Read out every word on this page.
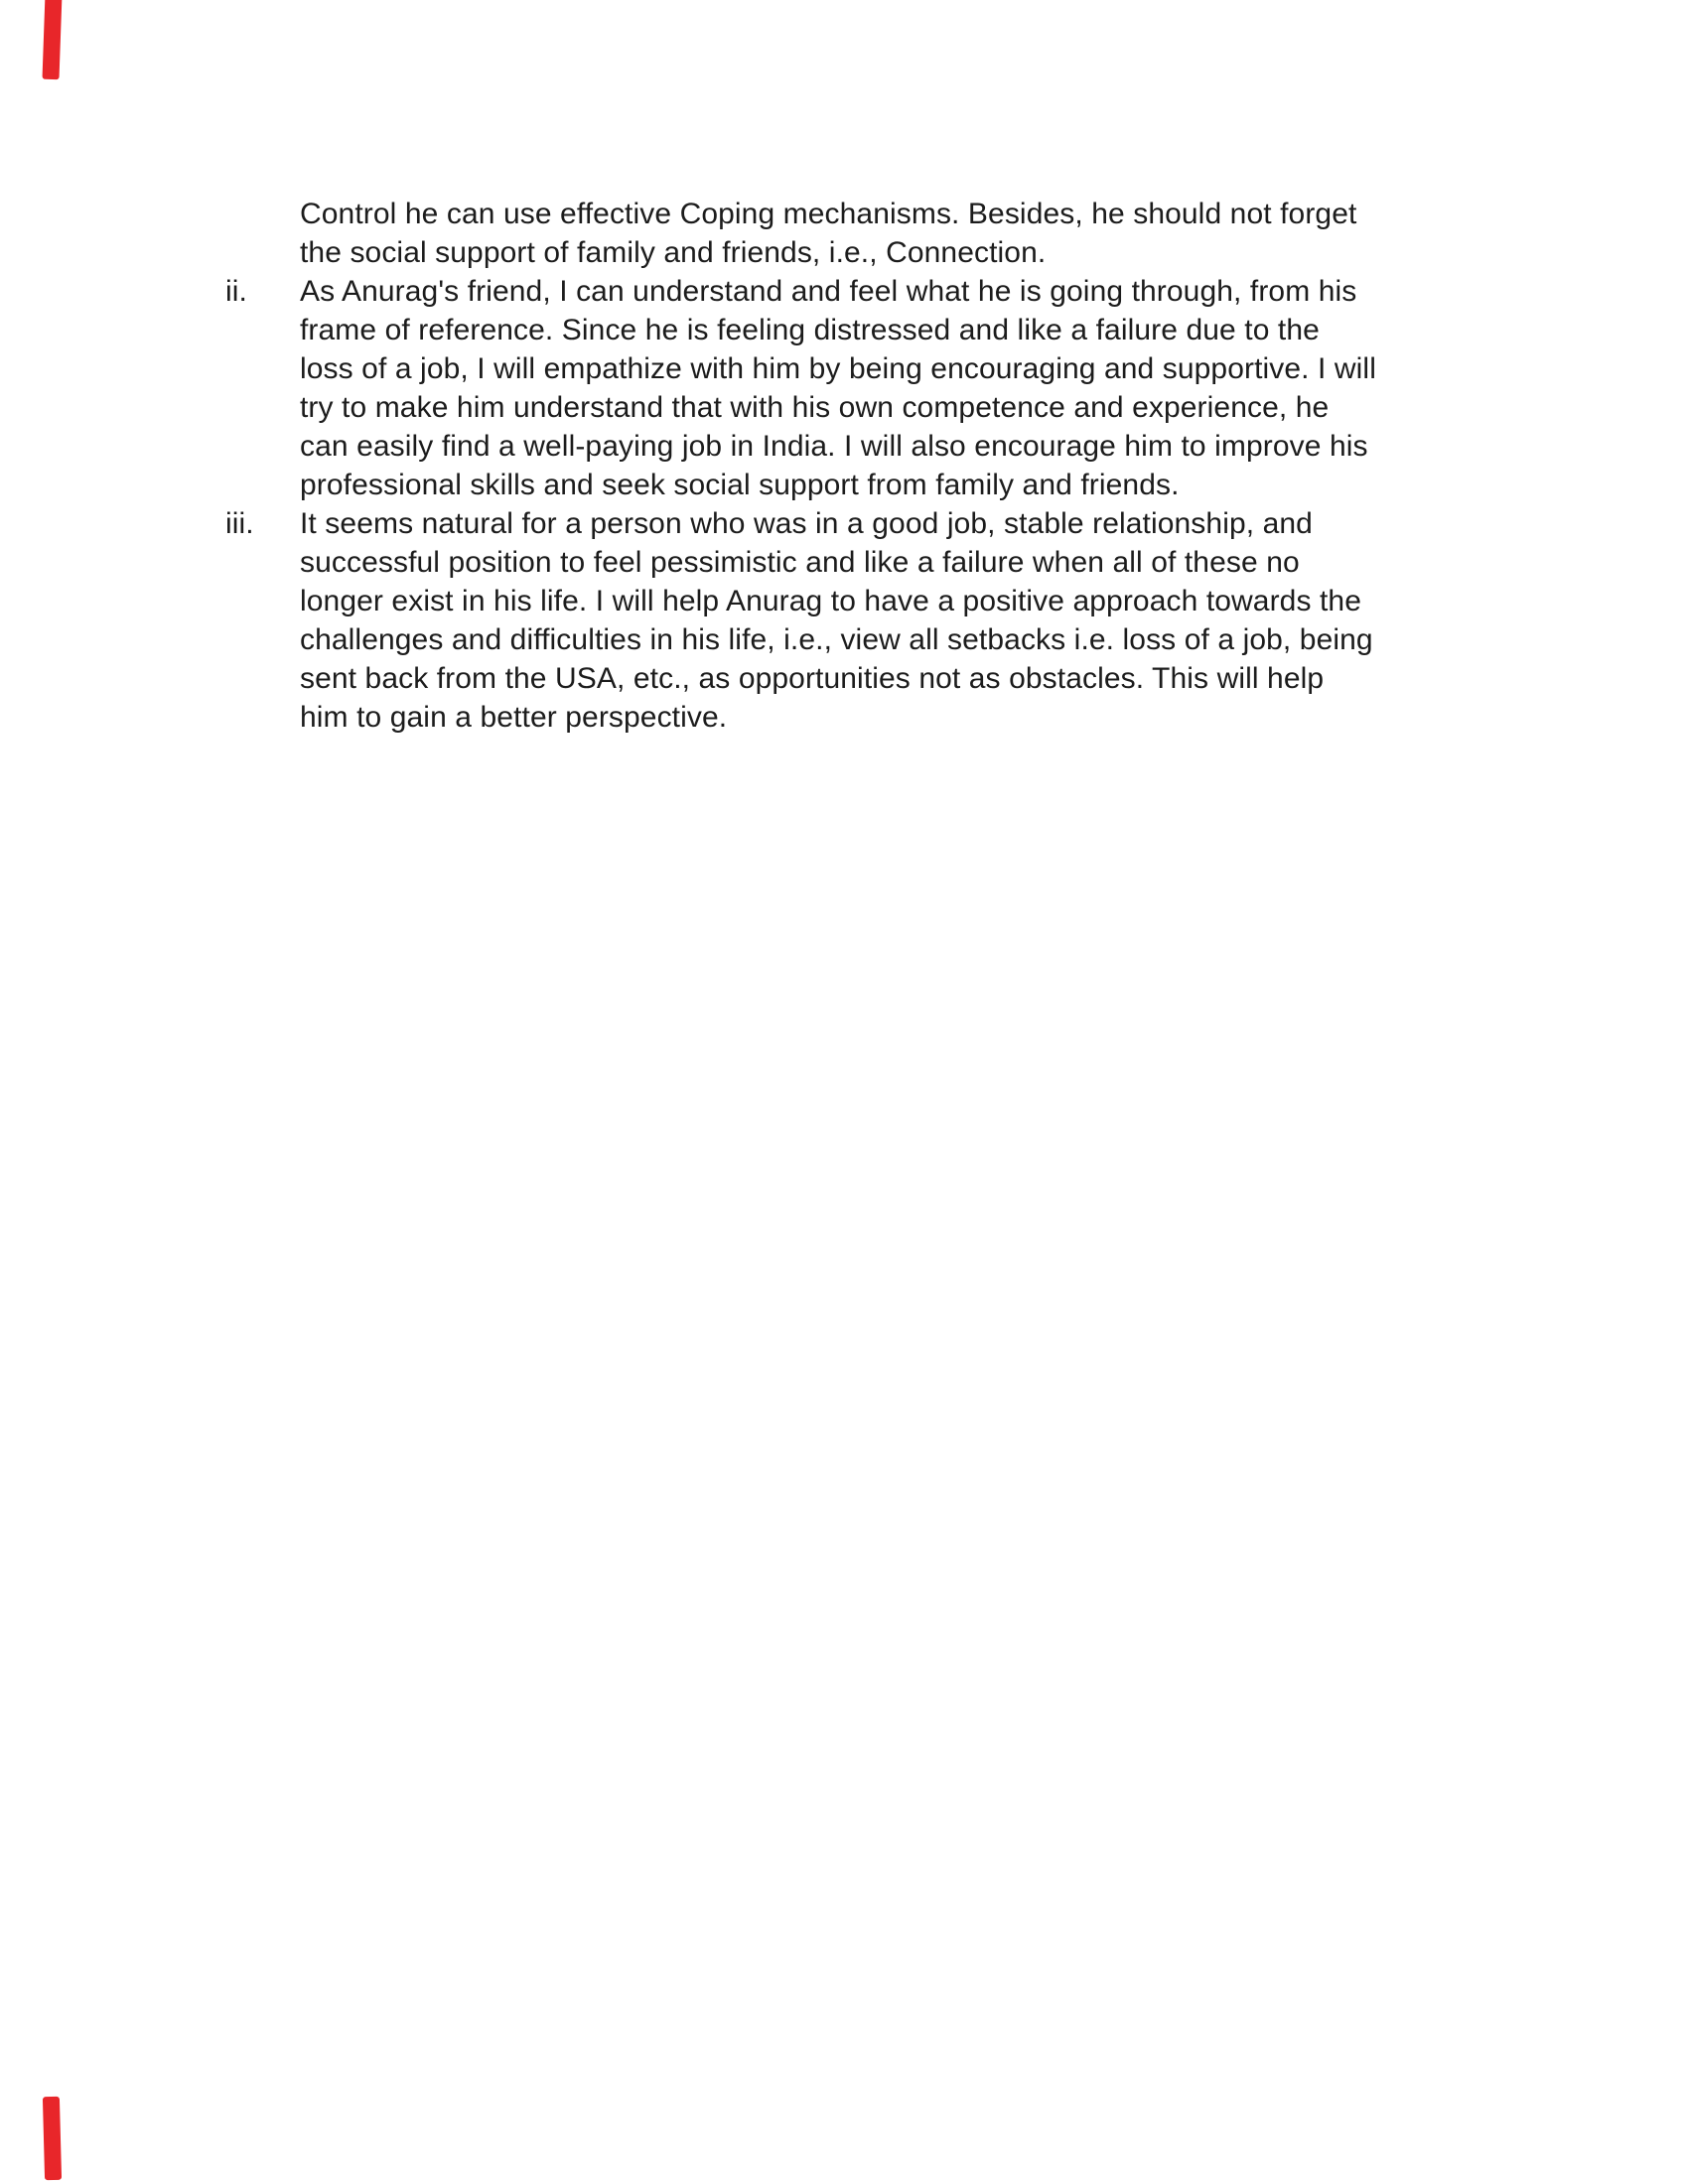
Control he can use effective Coping mechanisms. Besides, he should not forget
the social support of family and friends, i.e., Connection.
ii.	As Anurag's friend, I can understand and feel what he is going through, from his
frame of reference. Since he is feeling distressed and like a failure due to the
loss of a job, I will empathize with him by being encouraging and supportive. I will
try to make him understand that with his own competence and experience, he
can easily find a well-paying job in India. I will also encourage him to improve his
professional skills and seek social support from family and friends.
iii.	It seems natural for a person who was in a good job, stable relationship, and
successful position to feel pessimistic and like a failure when all of these no
longer exist in his life. I will help Anurag to have a positive approach towards the
challenges and difficulties in his life, i.e., view all setbacks i.e. loss of a job, being
sent back from the USA, etc., as opportunities not as obstacles. This will help
him to gain a better perspective.
